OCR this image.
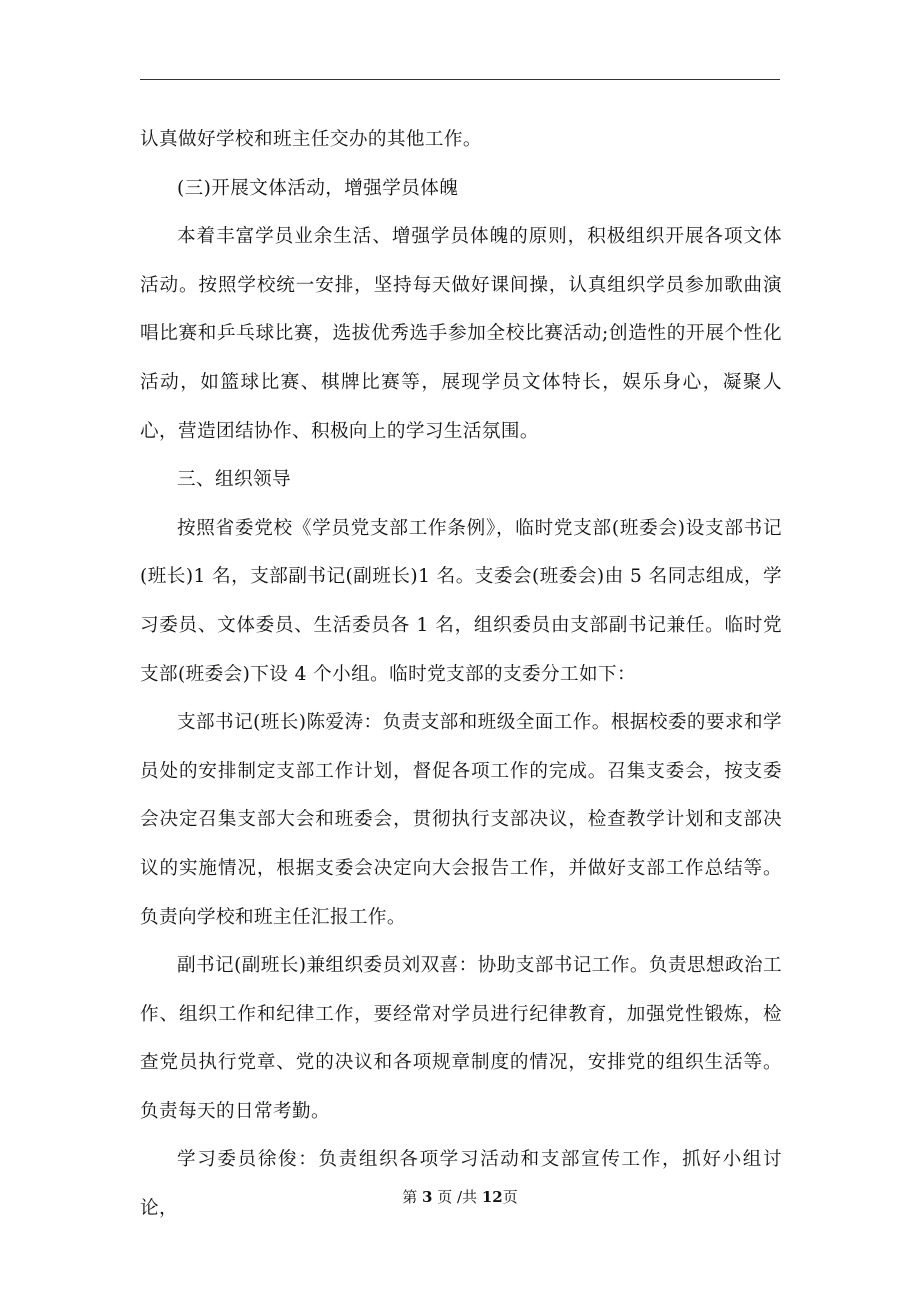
认真做好学校和班主任交办的其他工作。

(三)开展文体活动，增强学员体魄

本着丰富学员业余生活、增强学员体魄的原则，积极组织开展各项文体活动。按照学校统一安排，坚持每天做好课间操，认真组织学员参加歌曲演唱比赛和乒乓球比赛，选拔优秀选手参加全校比赛活动;创造性的开展个性化活动，如篮球比赛、棋牌比赛等，展现学员文体特长，娱乐身心，凝聚人心，营造团结协作、积极向上的学习生活氛围。

三、组织领导

按照省委党校《学员党支部工作条例》，临时党支部(班委会)设支部书记(班长)1 名，支部副书记(副班长)1 名。支委会(班委会)由 5 名同志组成，学习委员、文体委员、生活委员各 1 名，组织委员由支部副书记兼任。临时党支部(班委会)下设 4 个小组。临时党支部的支委分工如下：

支部书记(班长)陈爱涛：负责支部和班级全面工作。根据校委的要求和学员处的安排制定支部工作计划，督促各项工作的完成。召集支委会，按支委会决定召集支部大会和班委会，贯彻执行支部决议，检查教学计划和支部决议的实施情况，根据支委会决定向大会报告工作，并做好支部工作总结等。负责向学校和班主任汇报工作。

副书记(副班长)兼组织委员刘双喜：协助支部书记工作。负责思想政治工作、组织工作和纪律工作，要经常对学员进行纪律教育，加强党性锻炼，检查党员执行党章、党的决议和各项规章制度的情况，安排党的组织生活等。负责每天的日常考勤。

学习委员徐俊：负责组织各项学习活动和支部宣传工作，抓好小组讨论，

第 3 页 /共 12页
